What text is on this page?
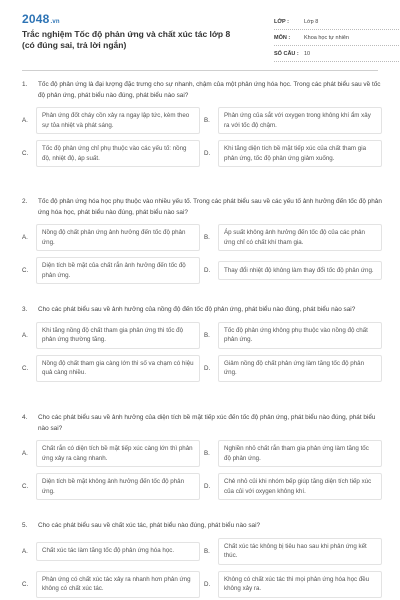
2048.vn
Trắc nghiệm Tốc độ phản ứng và chất xúc tác lớp 8 (có đúng sai, trả lời ngắn)
LỚP :	Lớp 8
MÔN :	Khoa học tự nhiên
SỐ CÂU : 10
1.	Tốc độ phản ứng là đại lượng đặc trưng cho sự nhanh, chậm của một phản ứng hóa học. Trong các phát biểu sau về tốc độ phản ứng, phát biểu nào đúng, phát biểu nào sai?
A.
Phản ứng đốt cháy cồn xảy ra ngay lập tức, kèm theo sự tỏa nhiệt và phát sáng.
B.
Phản ứng của sắt với oxygen trong không khí ẩm xảy ra với tốc độ chậm.
C.
Tốc độ phản ứng chỉ phụ thuộc vào các yếu tố: nồng độ, nhiệt độ, áp suất.
D.
Khi tăng diện tích bề mặt tiếp xúc của chất tham gia phản ứng, tốc độ phản ứng giảm xuống.
2.	Tốc độ phản ứng hóa học phụ thuộc vào nhiều yếu tố. Trong các phát biểu sau về các yếu tố ảnh hưởng đến tốc độ phản ứng hóa học, phát biểu nào đúng, phát biểu nào sai?
A.
Nồng độ chất phản ứng ảnh hưởng đến tốc độ phản ứng.
B.
Áp suất không ảnh hưởng đến tốc độ của các phản ứng chỉ có chất khí tham gia.
C.
Diện tích bề mặt của chất rắn ảnh hưởng đến tốc độ phản ứng.
D.	Thay đổi nhiệt độ không làm thay đổi tốc độ phản ứng.
3.	Cho các phát biểu sau về ảnh hưởng của nồng độ đến tốc độ phản ứng, phát biểu nào đúng, phát biểu nào sai?
A.
Khi tăng nồng độ chất tham gia phản ứng thì tốc độ phản ứng thường tăng.
B.
Tốc độ phản ứng không phụ thuộc vào nồng độ chất phản ứng.
C.
Nồng độ chất tham gia càng lớn thì số va chạm có hiệu quả càng nhiều.
D.
Giảm nồng độ chất phản ứng làm tăng tốc độ phản ứng.
4.	Cho các phát biểu sau về ảnh hưởng của diện tích bề mặt tiếp xúc đến tốc độ phản ứng, phát biểu nào đúng, phát biểu nào sai?
A.
Chất rắn có diện tích bề mặt tiếp xúc càng lớn thì phản ứng xảy ra càng nhanh.
B.
Nghiền nhỏ chất rắn tham gia phản ứng làm tăng tốc độ phản ứng.
C.
Diện tích bề mặt không ảnh hưởng đến tốc độ phản ứng.
D.
Chẻ nhỏ củi khi nhóm bếp giúp tăng diện tích tiếp xúc của củi với oxygen không khí.
5.	Cho các phát biểu sau về chất xúc tác, phát biểu nào đúng, phát biểu nào sai?
A.	Chất xúc tác làm tăng tốc độ phản ứng hóa học.	B.
Chất xúc tác không bị tiêu hao sau khi phản ứng kết thúc.
C.
Phản ứng có chất xúc tác xảy ra nhanh hơn phản ứng không có chất xúc tác.
D.
Không có chất xúc tác thì mọi phản ứng hóa học đều không xảy ra.
